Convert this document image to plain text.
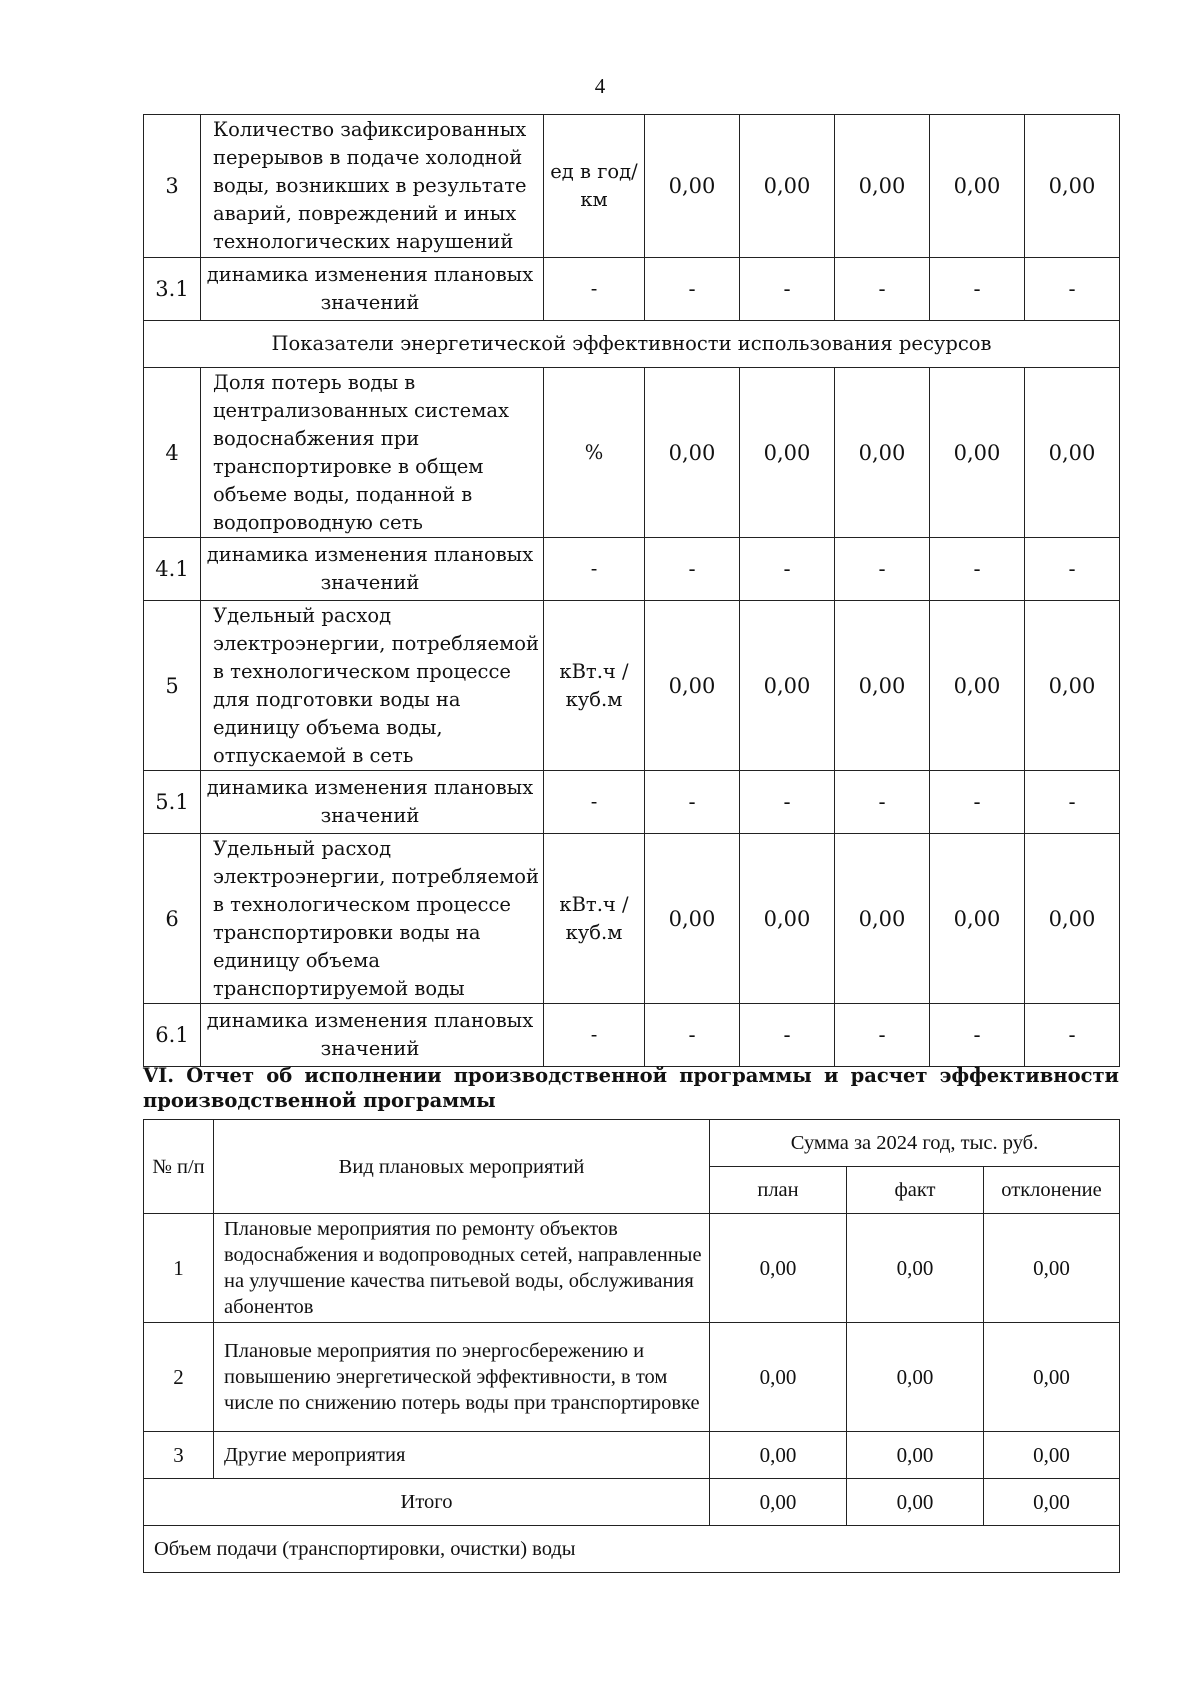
4
3	Количество зафиксированных перерывов в подаче холодной воды, возникших в результате аварий, повреждений и иных технологических нарушений	ед в год/ км	0,00	0,00	0,00	0,00	0,00
3.1	динамика изменения плановых значений	-	-	-	-	-	-
Показатели энергетической эффективности использования ресурсов							
4	Доля потерь воды в централизованных системах водоснабжения при транспортировке в общем объеме воды, поданной в водопроводную сеть	%	0,00	0,00	0,00	0,00	0,00
4.1	динамика изменения плановых значений	-	-	-	-	-	-
5	Удельный расход электроэнергии, потребляемой в технологическом процессе для подготовки воды на единицу объема воды, отпускаемой в сеть	кВт.ч / куб.м	0,00	0,00	0,00	0,00	0,00
5.1	динамика изменения плановых значений	-	-	-	-	-	-
6	Удельный расход электроэнергии, потребляемой в технологическом процессе транспортировки воды на единицу объема транспортируемой воды	кВт.ч / куб.м	0,00	0,00	0,00	0,00	0,00
6.1	динамика изменения плановых значений	-	-	-	-	-	-
VI. Отчет об исполнении производственной программы и расчет эффективности
производственной программы
№ п/п	Вид плановых мероприятий	Сумма за 2024 год, тыс. руб.		
		план	факт	отклонение
1	Плановые мероприятия по ремонту объектов водоснабжения и водопроводных сетей, направленные на улучшение качества питьевой воды, обслуживания абонентов	0,00	0,00	0,00
2	Плановые мероприятия по энергосбережению и повышению энергетической эффективности, в том числе по снижению потерь воды при транспортировке	0,00	0,00	0,00
3	Другие мероприятия	0,00	0,00	0,00
Итого		0,00	0,00	0,00
Объем подачи (транспортировки, очистки) воды				
